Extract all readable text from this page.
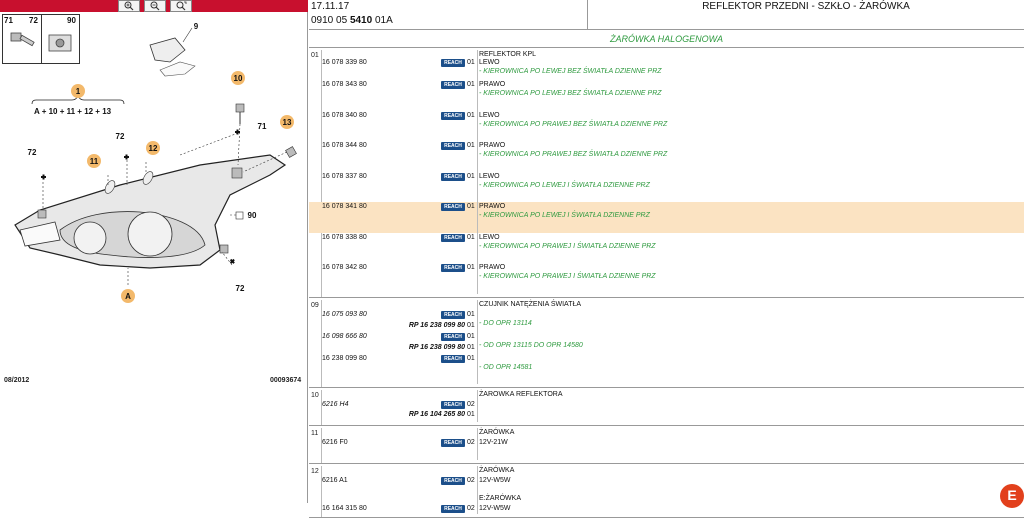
71 72	90
9
1
10
71 13
72
11
12
72
90
72
A
A + 10 + 11 + 12 + 13
08/2012	00093674
17.11.17
0910 05 5410 01A
REFLEKTOR PRZEDNI - SZKŁO - ŻARÓWKA
ŻARÓWKA HALOGENOWA
01	REFLEKTOR KPL
16 078 339 80	REACH 01 LEWO
- KIEROWNICA PO LEWEJ BEZ ŚWIATŁA DZIENNE PRZ
16 078 343 80	REACH 01 PRAWO
- KIEROWNICA PO LEWEJ BEZ ŚWIATŁA DZIENNE PRZ
16 078 340 80	REACH 01 LEWO
- KIEROWNICA PO PRAWEJ BEZ ŚWIATŁA DZIENNE PRZ
16 078 344 80	REACH 01 PRAWO
- KIEROWNICA PO PRAWEJ BEZ ŚWIATŁA DZIENNE PRZ
16 078 337 80	REACH 01 LEWO
- KIEROWNICA PO LEWEJ I ŚWIATŁA DZIENNE PRZ
16 078 341 80	REACH 01 PRAWO
- KIEROWNICA PO LEWEJ I ŚWIATŁA DZIENNE PRZ
16 078 338 80	REACH 01 LEWO
- KIEROWNICA PO PRAWEJ I ŚWIATŁA DZIENNE PRZ
16 078 342 80	REACH 01 PRAWO
- KIEROWNICA PO PRAWEJ I ŚWIATŁA DZIENNE PRZ
09	CZUJNIK NATĘŻENIA ŚWIATŁA
16 075 093 80	REACH 01
- DO OPR 13114
RP 16 238 099 80 01
16 098 666 80	REACH 01
- OD OPR 13115 DO OPR 14580
RP 16 238 099 80 01
16 238 099 80	REACH 01
- OD OPR 14581
10	ŻAROWKA REFLEKTORA
6216 H4	REACH 02
RP 16 104 265 80 01
11	ŻARÓWKA
6216 F0	REACH 02 12V-21W
12	ŻARÓWKA
6216 A1	REACH 02 12V-W5W
E:ŻARÓWKA
16 164 315 80	REACH 02 12V-W5W
E
